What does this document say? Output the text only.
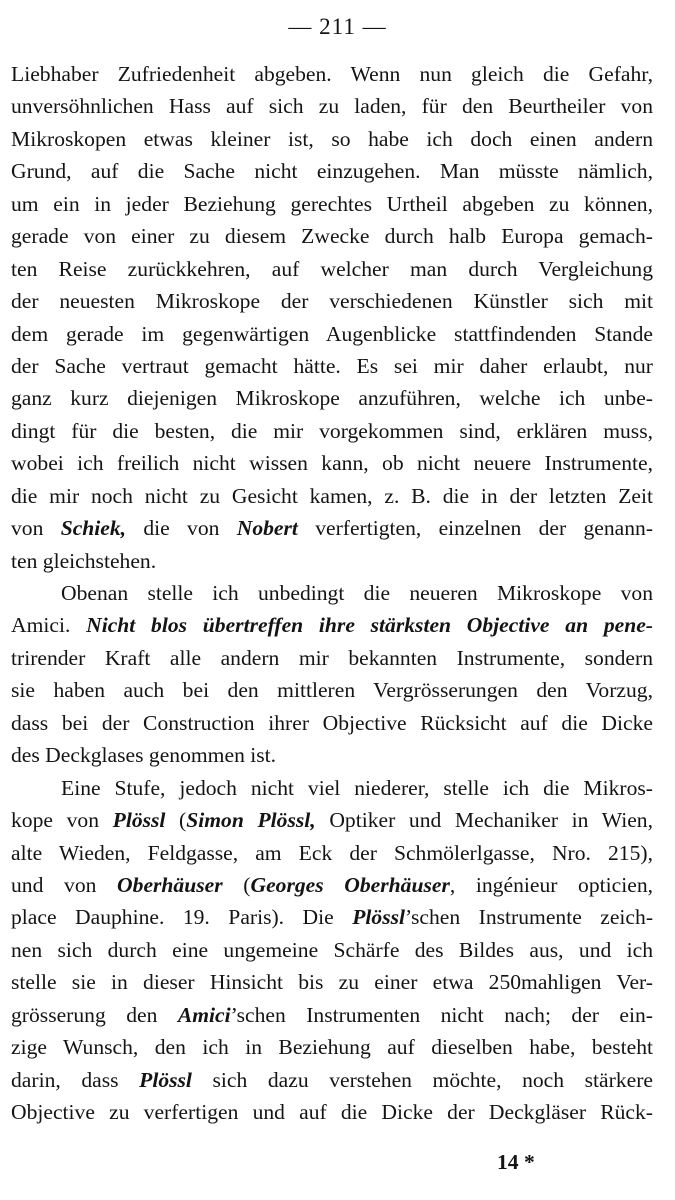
— 211 —
Liebhaber Zufriedenheit abgeben. Wenn nun gleich die Gefahr,
unversöhnlichen Hass auf sich zu laden, für den Beurtheiler von
Mikroskopen etwas kleiner ist, so habe ich doch einen andern
Grund, auf die Sache nicht einzugehen. Man müsste nämlich,
um ein in jeder Beziehung gerechtes Urtheil abgeben zu können,
gerade von einer zu diesem Zwecke durch halb Europa gemach-
ten Reise zurückkehren, auf welcher man durch Vergleichung
der neuesten Mikroskope der verschiedenen Künstler sich mit
dem gerade im gegenwärtigen Augenblicke stattfindenden Stande
der Sache vertraut gemacht hätte. Es sei mir daher erlaubt, nur
ganz kurz diejenigen Mikroskope anzuführen, welche ich unbe-
dingt für die besten, die mir vorgekommen sind, erklären muss,
wobei ich freilich nicht wissen kann, ob nicht neuere Instrumente,
die mir noch nicht zu Gesicht kamen, z. B. die in der letzten Zeit
von Schiek, die von Nobert verfertigten, einzelnen der genann-
ten gleichstehen.
Obenan stelle ich unbedingt die neueren Mikroskope von
Amici. Nicht blos übertreffen ihre stärksten Objective an pene-
trirender Kraft alle andern mir bekannten Instrumente, sondern
sie haben auch bei den mittleren Vergrösserungen den Vorzug,
dass bei der Construction ihrer Objective Rücksicht auf die Dicke
des Deckglases genommen ist.
Eine Stufe, jedoch nicht viel niederer, stelle ich die Mikros-
kope von Plössl (Simon Plössl, Optiker und Mechaniker in Wien,
alte Wieden, Feldgasse, am Eck der Schmölerlgasse, Nro. 215),
und von Oberhäuser (Georges Oberhäuser, ingénieur opticien,
place Dauphine. 19. Paris). Die Plössl’schen Instrumente zeich-
nen sich durch eine ungemeine Schärfe des Bildes aus, und ich
stelle sie in dieser Hinsicht bis zu einer etwa 250mahligen Ver-
grösserung den Amici’schen Instrumenten nicht nach; der ein-
zige Wunsch, den ich in Beziehung auf dieselben habe, besteht
darin, dass Plössl sich dazu verstehen möchte, noch stärkere
Objective zu verfertigen und auf die Dicke der Deckgläser Rück-
14 *
